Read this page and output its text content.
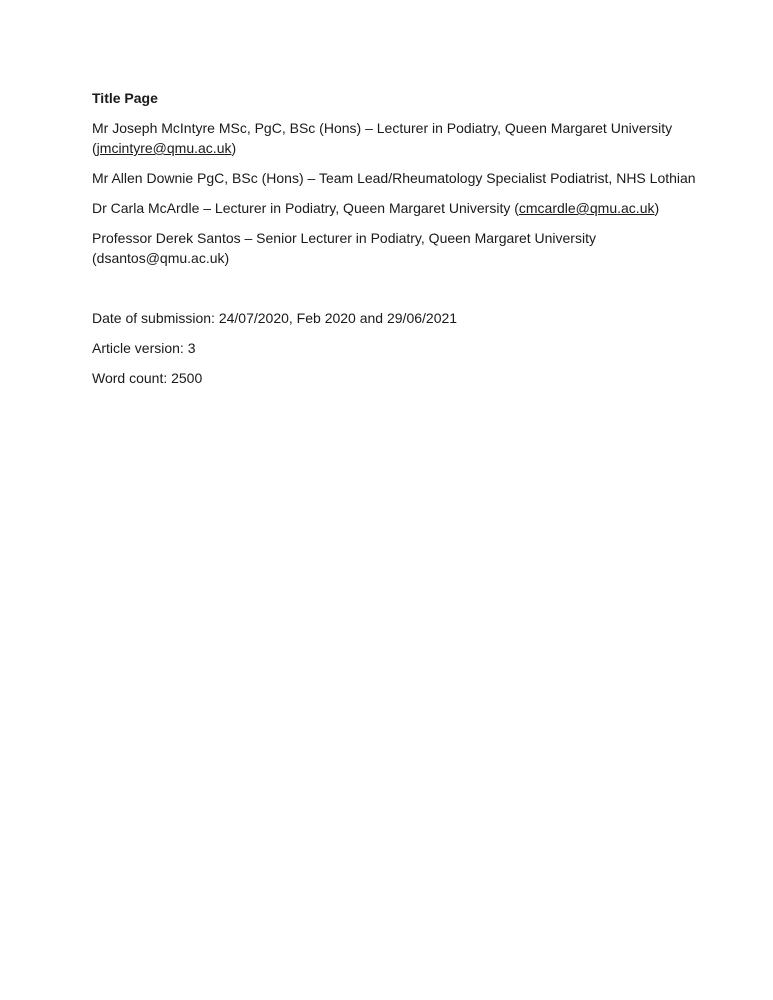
Title Page

Mr Joseph McIntyre MSc, PgC, BSc (Hons) – Lecturer in Podiatry, Queen Margaret University
(jmcintyre@qmu.ac.uk)

Mr Allen Downie PgC, BSc (Hons) – Team Lead/Rheumatology Specialist Podiatrist, NHS Lothian

Dr Carla McArdle – Lecturer in Podiatry, Queen Margaret University (cmcardle@qmu.ac.uk)

Professor Derek Santos – Senior Lecturer in Podiatry, Queen Margaret University
(dsantos@qmu.ac.uk)

Date of submission: 24/07/2020, Feb 2020 and 29/06/2021

Article version: 3

Word count: 2500
